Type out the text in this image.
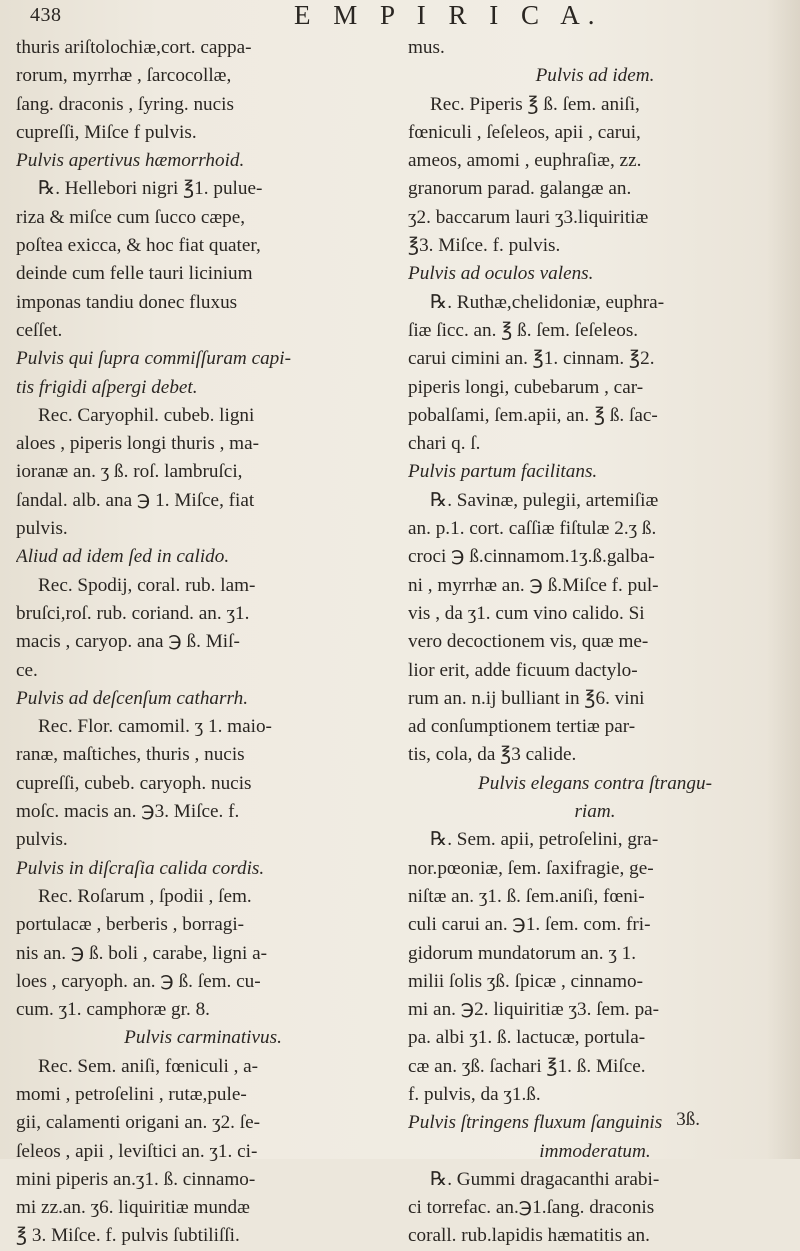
438	E M P I R I C A.
thuris ariſtolochiæ,cort. cappa-
rorum, myrrhæ , ſarcocollæ,
ſang. draconis , ſyring. nucis
cupreſſi, Miſce f pulvis.
Pulvis apertivus hæmorrhoid.
℞. Hellebori nigri ℥1. pulue-
rizа & miſce cum ſucco cæpe,
poſtea exicca, & hoc fiat quater,
deinde cum felle tauri licinium
imponas tandiu donec fluxus
ceſſet.
Pulvis qui ſupra commiſſuram capi-
tis frigidi aſpergi debet.
Rec. Caryophil. cubeb. ligni
aloes , piperis longi thuris , ma-
ioranæ an. ʒ ß. roſ. lambruſci,
ſandal. alb. ana ℈ 1. Miſce, fiat
pulvis.
Aliud ad idem ſed in calido.
Rec. Spodij, coral. rub. lam-
bruſci,roſ. rub. coriand. an. ʒ1.
macis , caryop. ana ℈ ß. Miſ-
ce.
Pulvis ad deſcenſum catharrh.
Rec. Flor. camomil. ʒ 1. maio-
ranæ, maſtiches, thuris , nucis
cupreſſi, cubeb. caryoph. nucis
moſc. macis an. ℈3. Miſce. f.
pulvis.
Pulvis in diſcraſia calida cordis.
Rec. Roſarum , ſpodii , ſem.
portulacæ , berberis , borragi-
nis an. ℈ ß. boli , carabe, ligni a-
loes , caryoph. an. ℈ ß. ſem. cu-
cum. ʒ1. camphoræ gr. 8.
Pulvis carminativus.
Rec. Sem. aniſi, fœniculi , a-
momi , petroſelini , rutæ,pule-
gii, calamenti origani an. ʒ2. ſe-
ſeleos , apii , leviſtici an. ʒ1. ci-
mini piperis an.ʒ1. ß. cinnamo-
mi zz.an. ʒ6. liquiritiæ mundæ
℥ 3. Miſce. f. pulvis ſubtiliſſi.
mus.
Pulvis ad idem.
Rec. Piperis ℥ ß. ſem. aniſi,
fœniculi , ſeſeleos, apii , carui,
ameos, amomi , euphraſiæ, zz.
granorum parad. galangæ an.
ʒ2. baccarum lauri ʒ3.liquiritiæ
℥3. Miſce. f. pulvis.
Pulvis ad oculos valens.
℞. Ruthæ,chelidoniæ, euphra-
ſiæ ſicc. an. ℥ ß. ſem. ſeſeleos.
carui cimini an. ℥1. cinnam. ℥2.
piperis longi, cubebarum , car-
pobalſami, ſem.apii, an. ℥ ß. ſac-
chari q. ſ.
Pulvis partum facilitans.
℞. Savinæ, pulegii, artemiſiæ
an. p.1. cort. caſſiæ fiſtulæ 2.ʒ ß.
croci ℈ ß.cinnamom.1ʒ.ß.galba-
ni , myrrhæ an. ℈ ß.Miſce f. pul-
vis , da ʒ1. cum vino calido. Si
vero decoctionem vis, quæ me-
lior erit, adde ficuum dactylo-
rum an. n.ij bulliant in ℥6. vini
ad conſumptionem tertiæ par-
tis, cola, da ℥3 calide.
Pulvis elegans contra ſtrangu-
riam.
℞. Sem. apii, petroſelini, gra-
nor.pœoniæ, ſem. ſaxifragie, ge-
niſtæ an. ʒ1. ß. ſem.aniſi, fœni-
culi carui an. ℈1. ſem. com. fri-
gidorum mundatorum an. ʒ 1.
milii ſolis ʒß. ſpicæ , cinnamo-
mi an. ℈2. liquiritiæ ʒ3. ſem. pa-
pa. albi ʒ1. ß. lactucæ, portula-
cæ an. ʒß. ſachari ℥1. ß. Miſce.
f. pulvis, da ʒ1.ß.
Pulvis ſtringens fluxum ſanguinis
immoderatum.
℞. Gummi dragacanthi arabi-
ci torrefac. an.℈1.ſang. draconis
corall. rub.lapidis hæmatitis an.
3ß.
